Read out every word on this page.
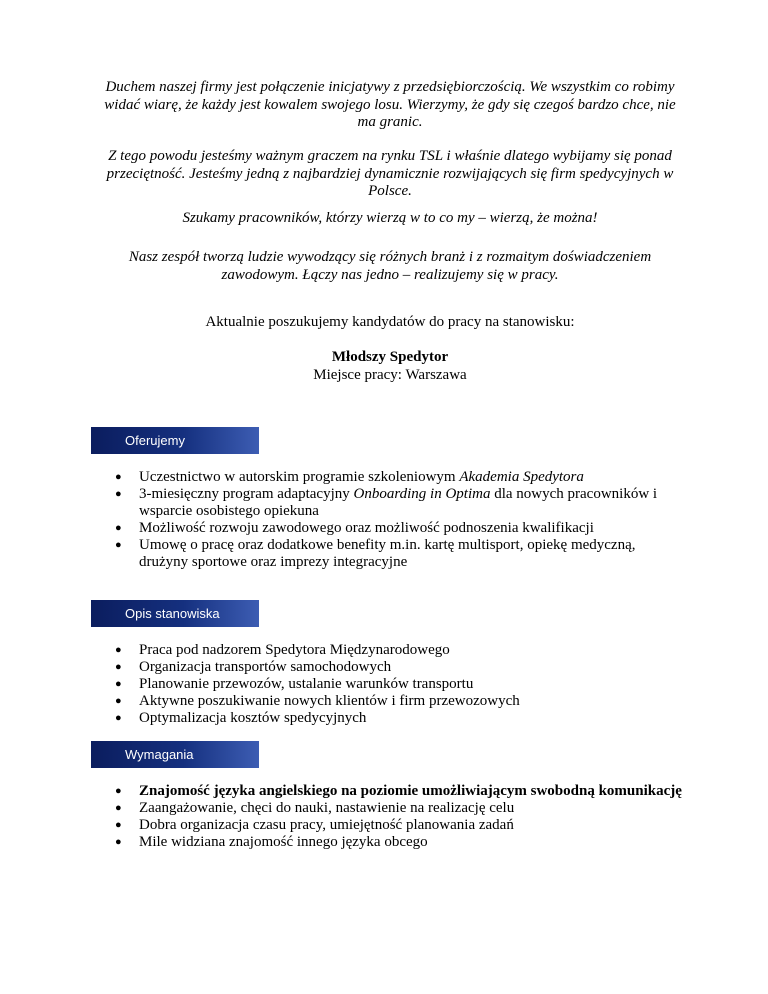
Duchem naszej firmy jest połączenie inicjatywy z przedsiębiorczością. We wszystkim co robimy widać wiarę, że każdy jest kowalem swojego losu. Wierzymy, że gdy się czegoś bardzo chce, nie ma granic.

Z tego powodu jesteśmy ważnym graczem na rynku TSL i właśnie dlatego wybijamy się ponad przeciętność. Jesteśmy jedną z najbardziej dynamicznie rozwijających się firm spedycyjnych w Polsce.

Szukamy pracowników, którzy wierzą w to co my – wierzą, że można!

Nasz zespół tworzą ludzie wywodzący się różnych branż i z rozmaitym doświadczeniem zawodowym. Łączy nas jedno – realizujemy się w pracy.

Aktualnie poszukujemy kandydatów do pracy na stanowisku:

Młodszy Spedytor
Miejsce pracy: Warszawa

Oferujemy
● Uczestnictwo w autorskim programie szkoleniowym Akademia Spedytora
● 3-miesięczny program adaptacyjny Onboarding in Optima dla nowych pracowników i wsparcie osobistego opiekuna
● Możliwość rozwoju zawodowego oraz możliwość podnoszenia kwalifikacji
● Umowę o pracę oraz dodatkowe benefity m.in. kartę multisport, opiekę medyczną, drużyny sportowe oraz imprezy integracyjne
Opis stanowiska
● Praca pod nadzorem Spedytora Międzynarodowego
● Organizacja transportów samochodowych
● Planowanie przewozów, ustalanie warunków transportu
● Aktywne poszukiwanie nowych klientów i firm przewozowych
● Optymalizacja kosztów spedycyjnych
Wymagania
● Znajomość języka angielskiego na poziomie umożliwiającym swobodną komunikację
● Zaangażowanie, chęci do nauki, nastawienie na realizację celu
● Dobra organizacja czasu pracy, umiejętność planowania zadań
● Mile widziana znajomość innego języka obcego
